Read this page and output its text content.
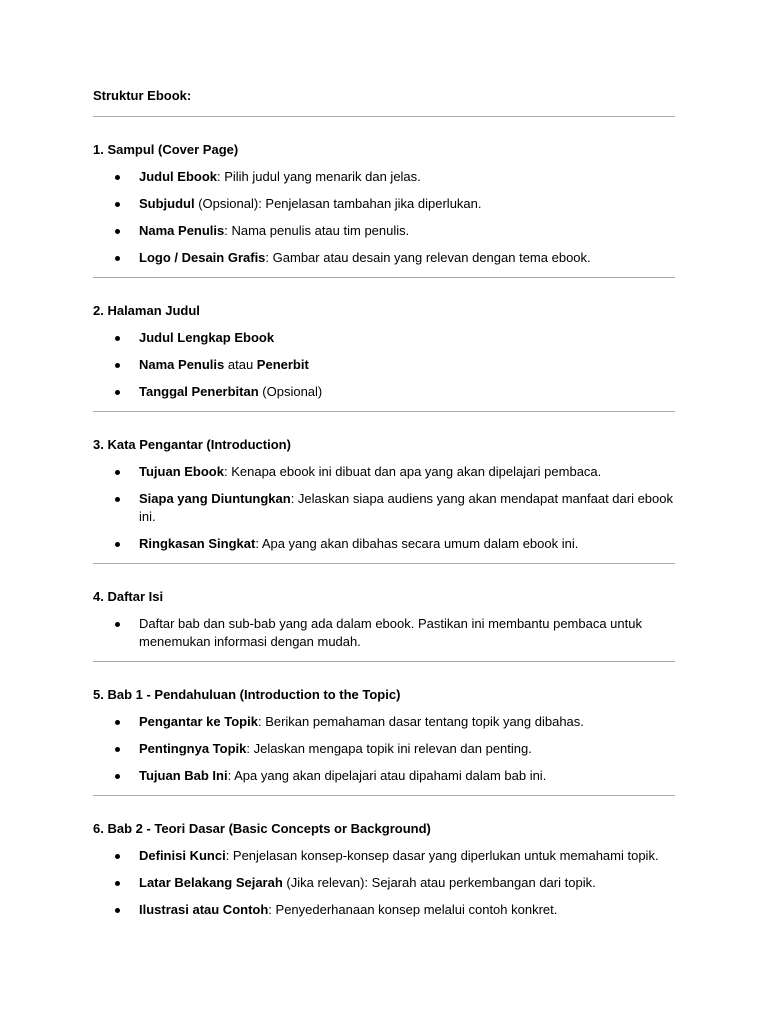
Struktur Ebook:

1. Sampul (Cover Page)

Judul Ebook: Pilih judul yang menarik dan jelas.
Subjudul (Opsional): Penjelasan tambahan jika diperlukan.
Nama Penulis: Nama penulis atau tim penulis.
Logo / Desain Grafis: Gambar atau desain yang relevan dengan tema ebook.

2. Halaman Judul

Judul Lengkap Ebook
Nama Penulis atau Penerbit
Tanggal Penerbitan (Opsional)

3. Kata Pengantar (Introduction)

Tujuan Ebook: Kenapa ebook ini dibuat dan apa yang akan dipelajari pembaca.
Siapa yang Diuntungkan: Jelaskan siapa audiens yang akan mendapat manfaat dari ebook ini.
Ringkasan Singkat: Apa yang akan dibahas secara umum dalam ebook ini.

4. Daftar Isi

Daftar bab dan sub-bab yang ada dalam ebook. Pastikan ini membantu pembaca untuk menemukan informasi dengan mudah.

5. Bab 1 - Pendahuluan (Introduction to the Topic)

Pengantar ke Topik: Berikan pemahaman dasar tentang topik yang dibahas.
Pentingnya Topik: Jelaskan mengapa topik ini relevan dan penting.
Tujuan Bab Ini: Apa yang akan dipelajari atau dipahami dalam bab ini.

6. Bab 2 - Teori Dasar (Basic Concepts or Background)

Definisi Kunci: Penjelasan konsep-konsep dasar yang diperlukan untuk memahami topik.
Latar Belakang Sejarah (Jika relevan): Sejarah atau perkembangan dari topik.
Ilustrasi atau Contoh: Penyederhanaan konsep melalui contoh konkret.
